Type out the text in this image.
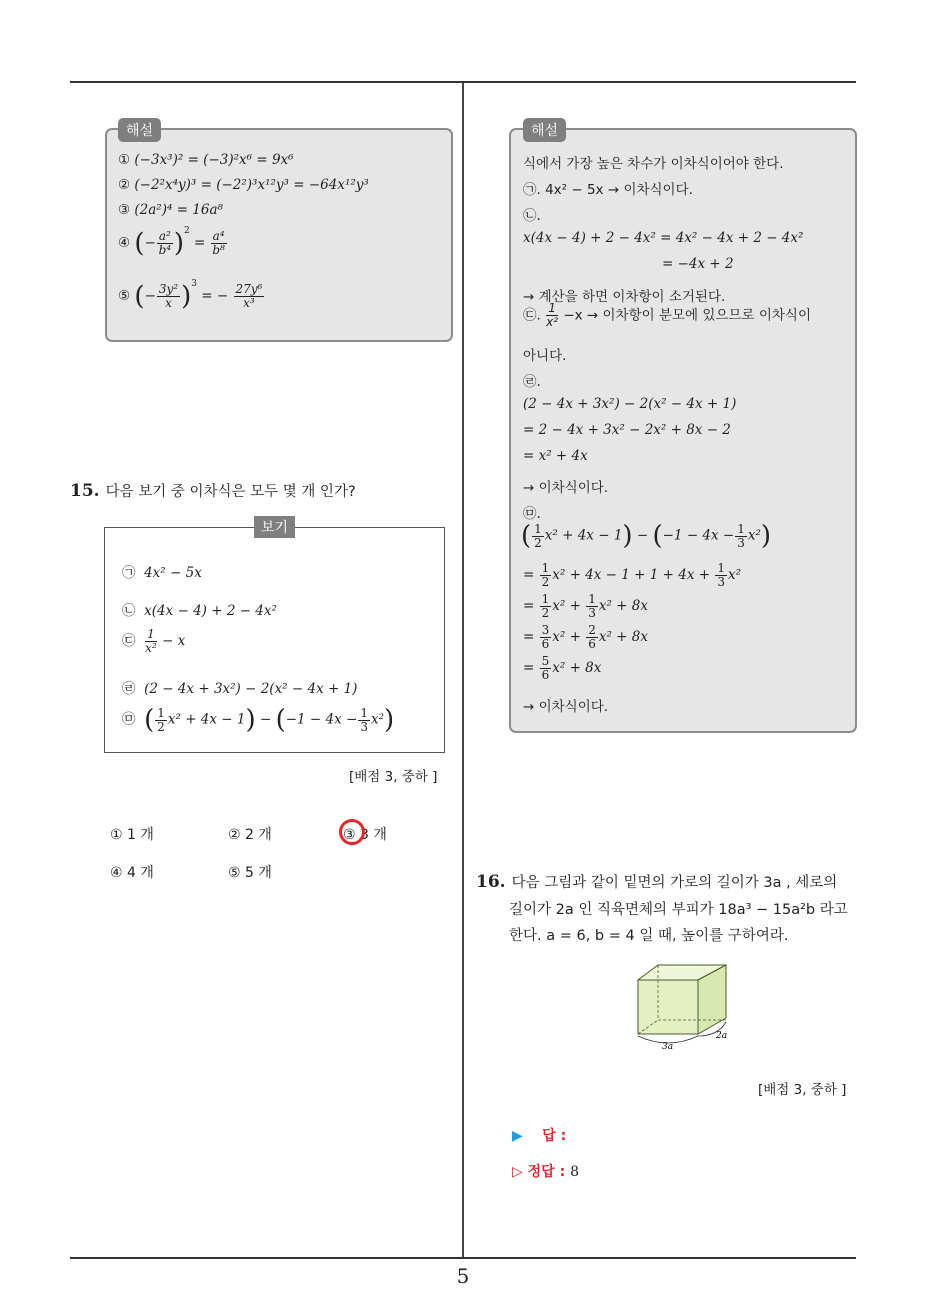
해설
① (−3x³)² = (−3)²x⁶ = 9x⁶
② (−2²x⁴y)³ = (−2²)³x¹²y³ = −64x¹²y³
③ (2a²)⁴ = 16a⁸
④ (− $\frac{\text{a²}}{\text{b⁴}} )^2 = \frac{\text{a⁴}}{\text{b⁸}}$
⑤ (− $\frac{\text{3y²}}{x} )^3$ = − $\frac{\text{27y⁶}}{\text{x³}}$
15. 다음 보기 중 이차식은 모두 몇 개 인가?
보기
㉠ 4x² − 5x
㉡ x(4x − 4) + 2 − 4x²
㉢ $\frac{1}{\text{x²}} - x$
㉣ (2 − 4x + 3x²) − 2(x² − 4x + 1)
㉤ ( $\frac{1}{2} x^2 + 4x - 1) - (-1 - 4x - \frac{1}{3} x^2)$
[배점 3, 중하 ]
① 1 개	② 2 개	③ 3 개
④ 4 개	⑤ 5 개
해설
식에서 가장 높은 차수가 이차식이어야 한다.
㉠. 4x² − 5x → 이차식이다.
㉡.
x(4x − 4) + 2 − 4x² = 4x² − 4x + 2 − 4x²
= −4x + 2
→ 계산을 하면 이차항이 소거된다.
㉢. $\frac{1}{\text{x²}} -x$ → 이차항이 분모에 있으므로 이차식이
아니다.
㉣.
(2 − 4x + 3x²) − 2(x² − 4x + 1)
= 2 − 4x + 3x² − 2x² + 8x − 2
= x² + 4x
→ 이차식이다.
㉤.
( $\frac{1}{2} x^2 + 4x - 1) - (-1 - 4x - \frac{1}{3} x^2)$
= $\frac{1}{2} x^2 + 4x - 1 + 1 + 4x + \frac{1}{3} x^2$
= $\frac{1}{2} x^2 + \frac{1}{3} x^2 + 8x$
= $\frac{3}{6} x^2 + \frac{2}{6} x^2 + 8x$
= $\frac{5}{6} x^2 + 8x$
→ 이차식이다.
16. 다음 그림과 같이 밑면의 가로의 길이가 3a , 세로의
길이가 2a 인 직육면체의 부피가 18a³ − 15a²b 라고
한다. a = 6, b = 4 일 때, 높이를 구하여라.
3a
2a
[배점 3, 중하 ]
▶ 답 :
▷ 정답 : 8
5
